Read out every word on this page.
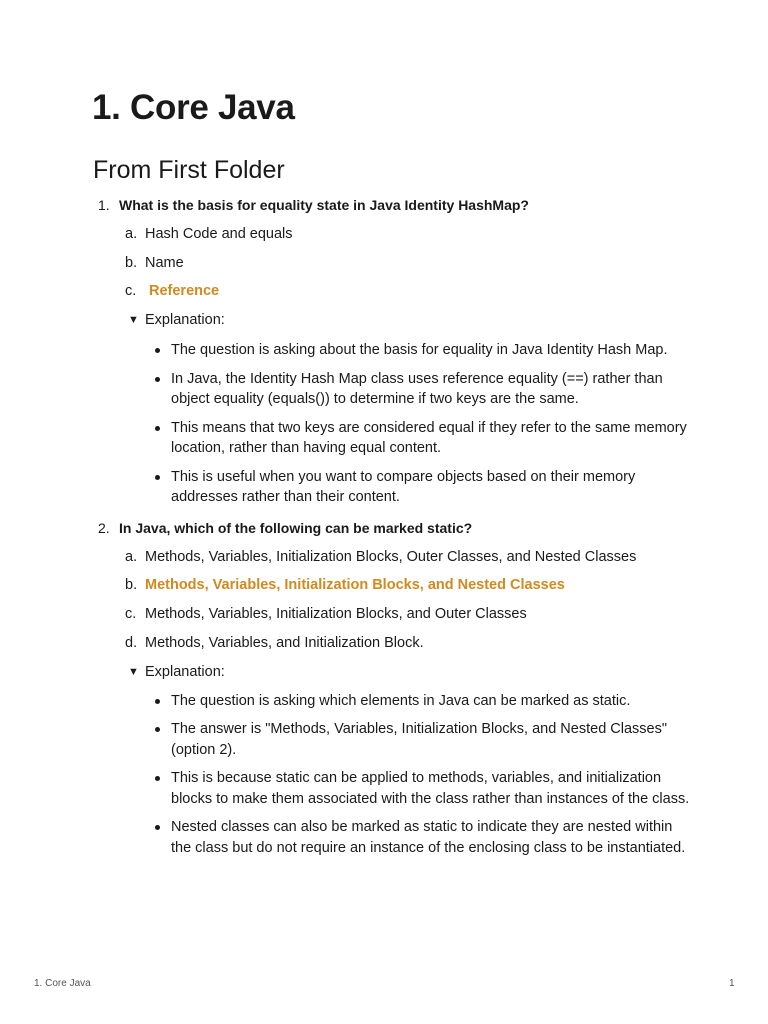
1. Core Java
From First Folder
1. What is the basis for equality state in Java Identity HashMap?
a. Hash Code and equals
b. Name
c. Reference
▼ Explanation:
The question is asking about the basis for equality in Java Identity Hash Map.
In Java, the Identity Hash Map class uses reference equality (==) rather than object equality (equals()) to determine if two keys are the same.
This means that two keys are considered equal if they refer to the same memory location, rather than having equal content.
This is useful when you want to compare objects based on their memory addresses rather than their content.
2. In Java, which of the following can be marked static?
a. Methods, Variables, Initialization Blocks, Outer Classes, and Nested Classes
b. Methods, Variables, Initialization Blocks, and Nested Classes
c. Methods, Variables, Initialization Blocks, and Outer Classes
d. Methods, Variables, and Initialization Block.
▼ Explanation:
The question is asking which elements in Java can be marked as static.
The answer is "Methods, Variables, Initialization Blocks, and Nested Classes" (option 2).
This is because static can be applied to methods, variables, and initialization blocks to make them associated with the class rather than instances of the class.
Nested classes can also be marked as static to indicate they are nested within the class but do not require an instance of the enclosing class to be instantiated.
1. Core Java	1
